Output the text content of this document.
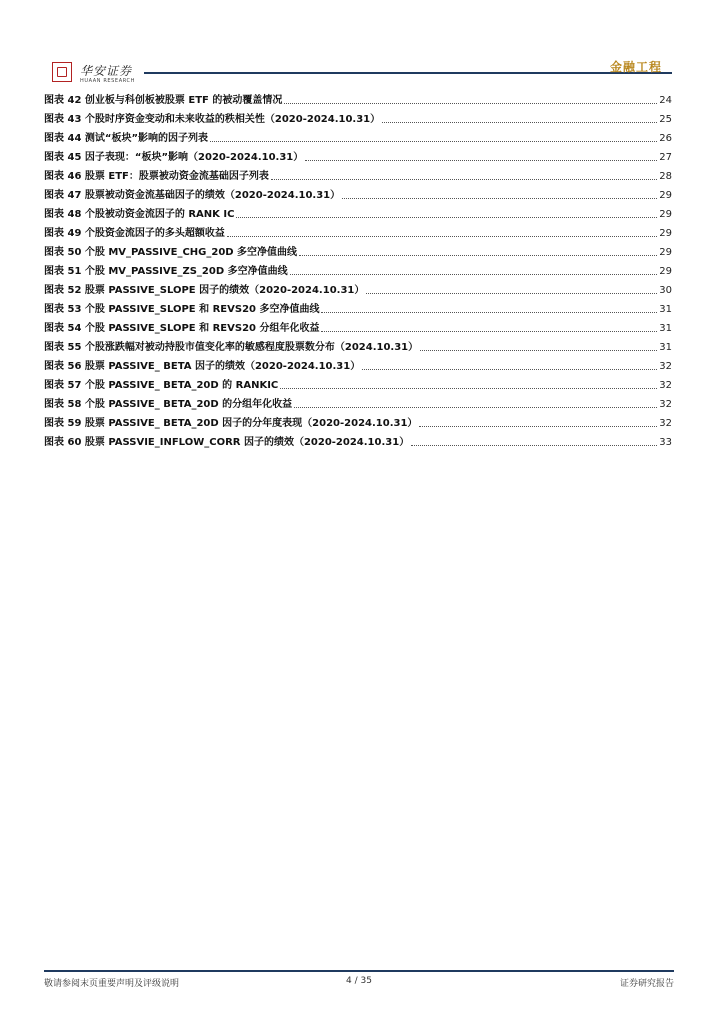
华安证券
HUAAN RESEARCH
金融工程
图表 42 创业板与科创板被股票 ETF 的被动覆盖情况	24
图表 43 个股时序资金变动和未来收益的秩相关性（2020-2024.10.31）	25
图表 44 测试“板块”影响的因子列表	26
图表 45 因子表现：“板块”影响（2020-2024.10.31）	27
图表 46 股票 ETF：股票被动资金流基础因子列表	28
图表 47 股票被动资金流基础因子的绩效（2020-2024.10.31）	29
图表 48 个股被动资金流因子的 RANK IC	29
图表 49 个股资金流因子的多头超额收益	29
图表 50 个股 MV_PASSIVE_CHG_20D 多空净值曲线	29
图表 51 个股 MV_PASSIVE_ZS_20D 多空净值曲线	29
图表 52 股票 PASSIVE_SLOPE 因子的绩效（2020-2024.10.31）	30
图表 53 个股 PASSIVE_SLOPE 和 REVS20 多空净值曲线	31
图表 54 个股 PASSIVE_SLOPE 和 REVS20 分组年化收益	31
图表 55 个股涨跌幅对被动持股市值变化率的敏感程度股票数分布（2024.10.31）	31
图表 56 股票 PASSIVE_ BETA 因子的绩效（2020-2024.10.31）	32
图表 57 个股 PASSIVE_ BETA_20D 的 RANKIC	32
图表 58 个股 PASSIVE_ BETA_20D 的分组年化收益	32
图表 59 股票 PASSIVE_ BETA_20D 因子的分年度表现（2020-2024.10.31）	32
图表 60 股票 PASSVIE_INFLOW_CORR 因子的绩效（2020-2024.10.31）	33
敬请参阅末页重要声明及评级说明	4 / 35	证券研究报告
